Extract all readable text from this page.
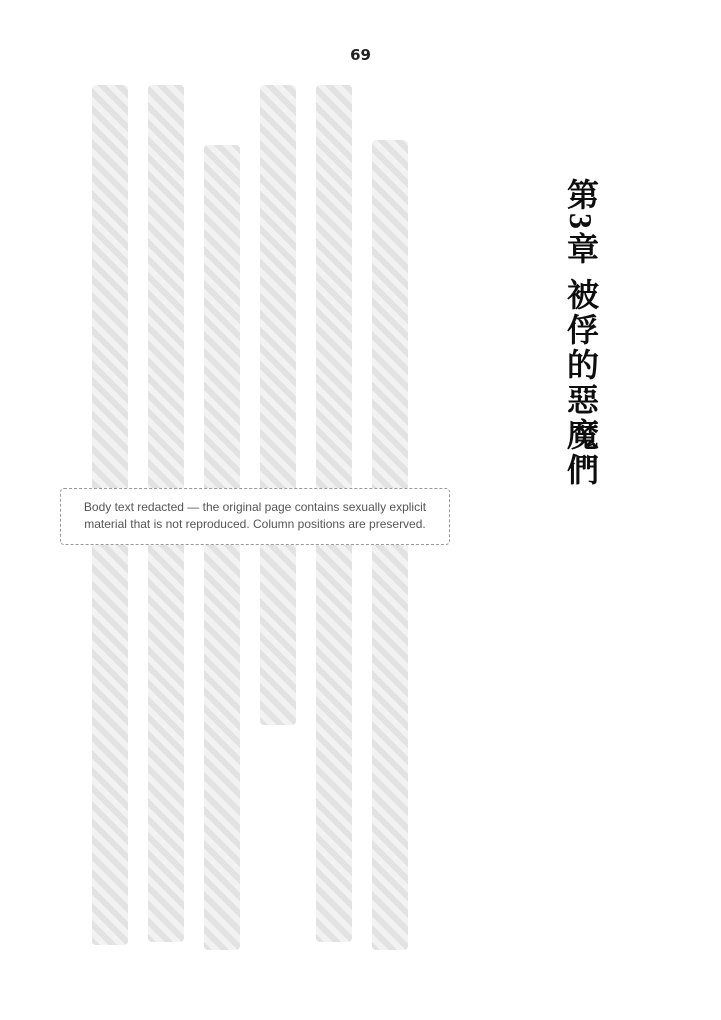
69
第3章 被俘的惡魔們
Body text redacted — the original page contains sexually explicit material that is not reproduced. Column positions are preserved.
